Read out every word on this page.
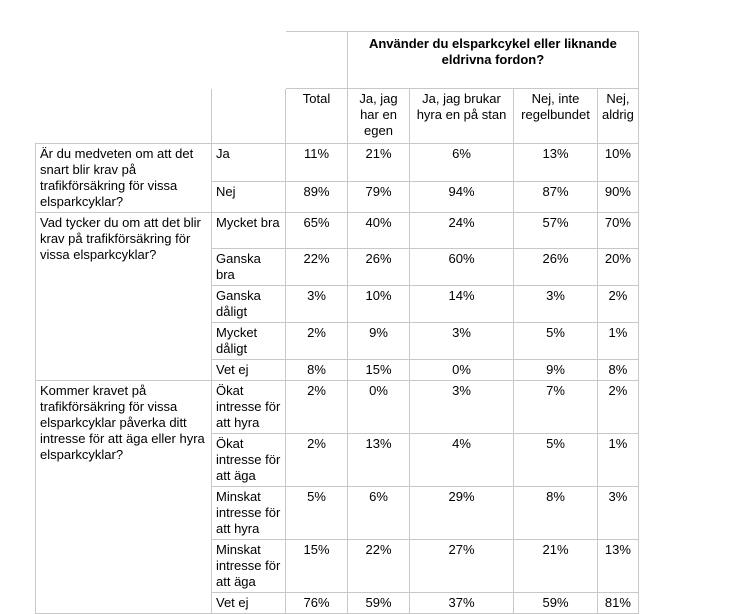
			Använder du elsparkcykel eller liknande eldrivna fordon?			
		Total	Ja, jag har en egen	Ja, jag brukar hyra en på stan	Nej, inte regelbundet	Nej, aldrig
Är du medveten om att det snart blir krav på trafikförsäkring för vissa elsparkcyklar?	Ja	11%	21%	6%	13%	10%
	Nej	89%	79%	94%	87%	90%
Vad tycker du om att det blir krav på trafikförsäkring för vissa elsparkcyklar?	Mycket bra	65%	40%	24%	57%	70%
	Ganska bra	22%	26%	60%	26%	20%
	Ganska dåligt	3%	10%	14%	3%	2%
	Mycket dåligt	2%	9%	3%	5%	1%
	Vet ej	8%	15%	0%	9%	8%
Kommer kravet på trafikförsäkring för vissa elsparkcyklar påverka ditt intresse för att äga eller hyra elsparkcyklar?	Ökat intresse för att hyra	2%	0%	3%	7%	2%
	Ökat intresse för att äga	2%	13%	4%	5%	1%
	Minskat intresse för att hyra	5%	6%	29%	8%	3%
	Minskat intresse för att äga	15%	22%	27%	21%	13%
	Vet ej	76%	59%	37%	59%	81%
